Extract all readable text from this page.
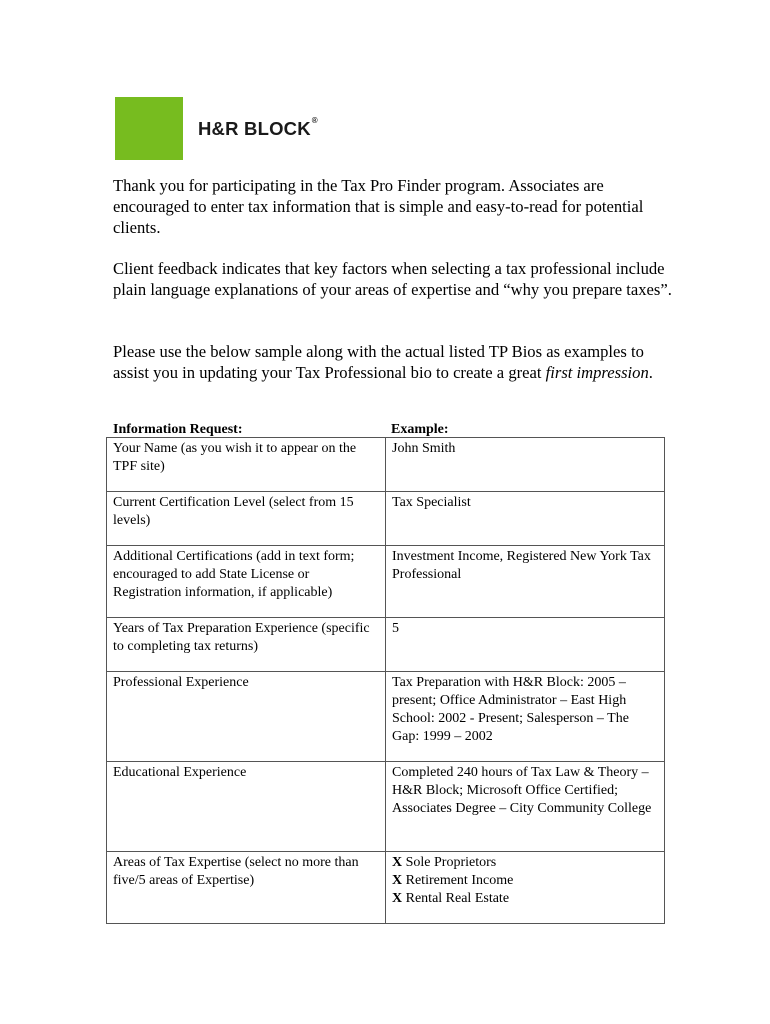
H&R BLOCK®

Thank you for participating in the Tax Pro Finder program. Associates are encouraged to enter tax information that is simple and easy-to-read for potential clients.

Client feedback indicates that key factors when selecting a tax professional include plain language explanations of your areas of expertise and “why you prepare taxes”.

Please use the below sample along with the actual listed TP Bios as examples to assist you in updating your Tax Professional bio to create a great first impression.

Information Request:	Example:
Your Name (as you wish it to appear on the TPF site)	John Smith
Current Certification Level (select from 15 levels)	Tax Specialist
Additional Certifications (add in text form; encouraged to add State License or Registration information, if applicable)	Investment Income, Registered New York Tax Professional
Years of Tax Preparation Experience (specific to completing tax returns)	5
Professional Experience	Tax Preparation with H&R Block: 2005 – present; Office Administrator – East High School: 2002 - Present; Salesperson – The Gap: 1999 – 2002
Educational Experience	Completed 240 hours of Tax Law & Theory – H&R Block; Microsoft Office Certified; Associates Degree – City Community College
Areas of Tax Expertise (select no more than five/5 areas of Expertise)	X Sole Proprietors
X Retirement Income
X Rental Real Estate
